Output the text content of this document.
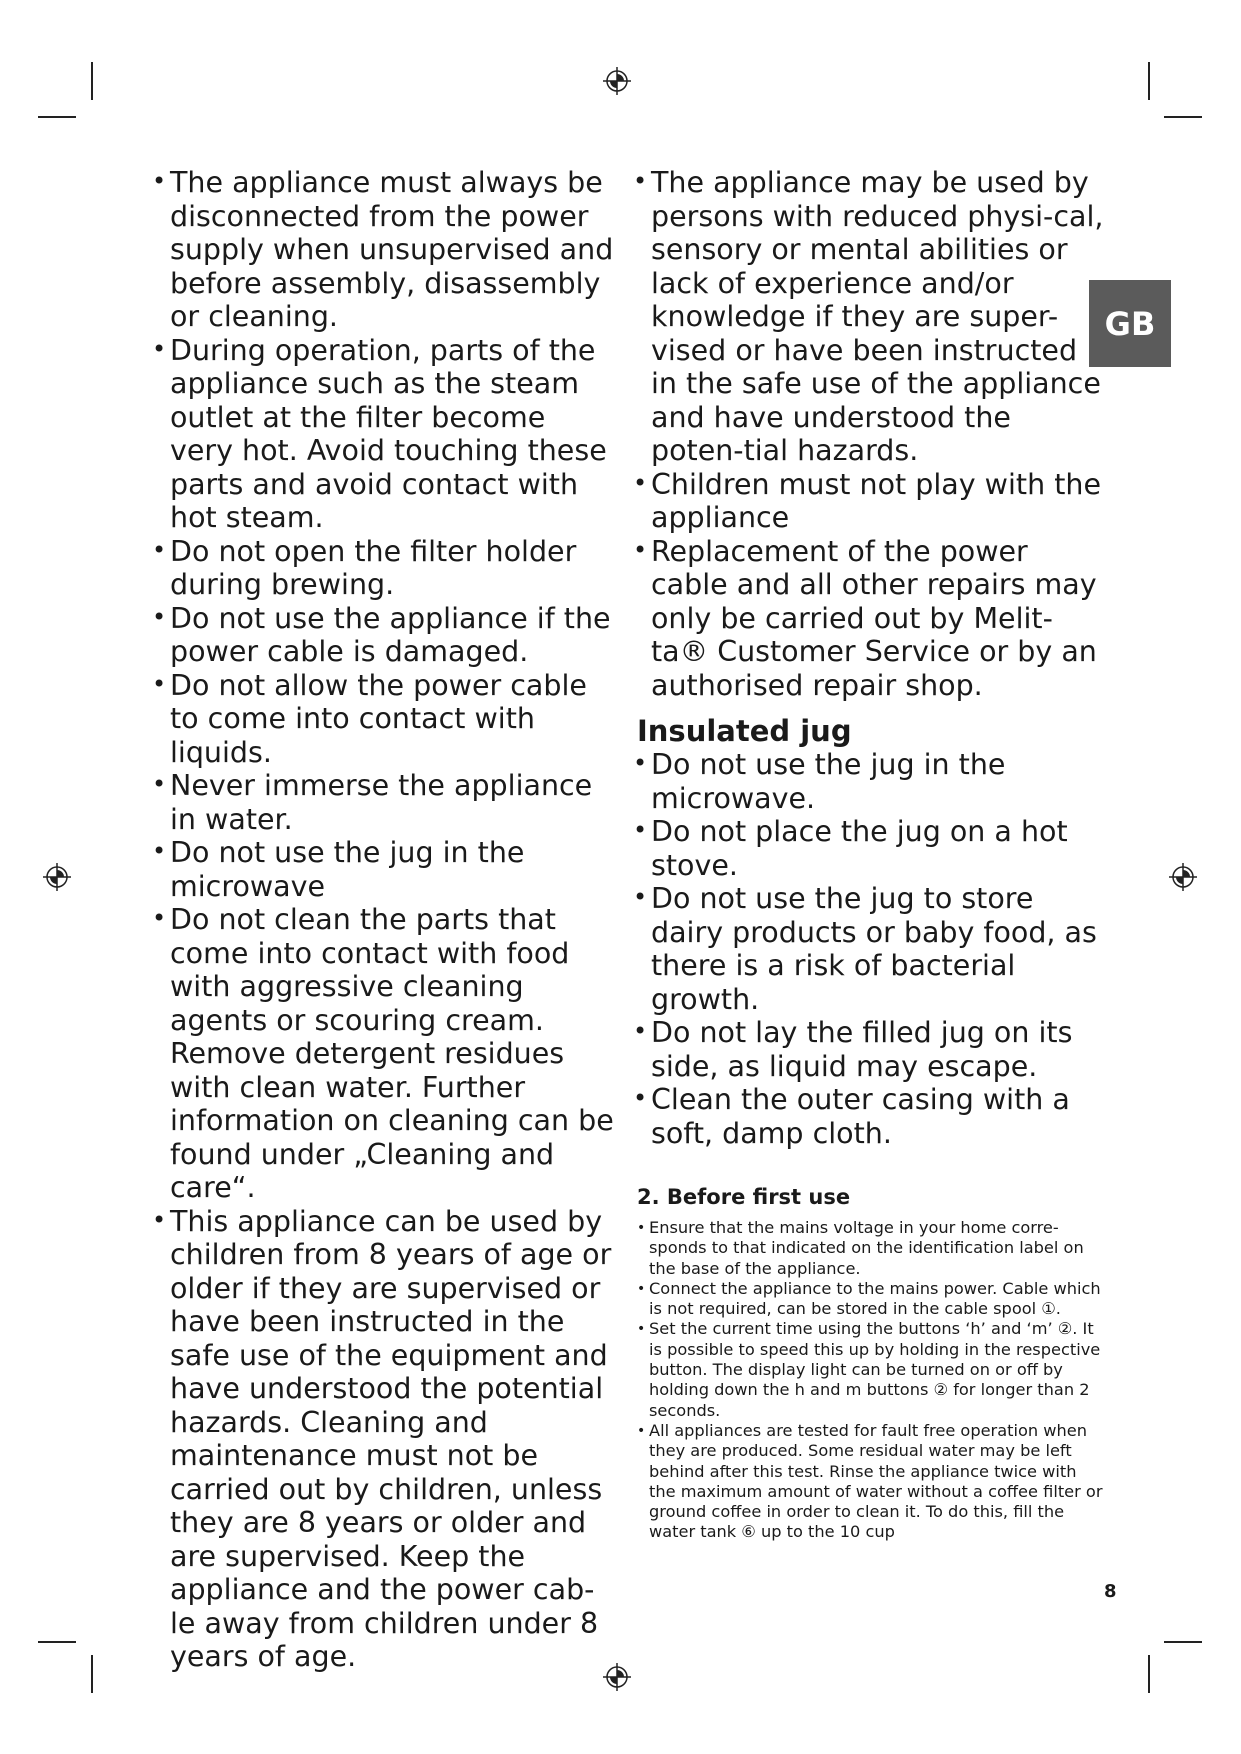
• The appliance must always be disconnected from the power supply when unsupervised and before assembly, disassembly or cleaning.
• During operation, parts of the appliance such as the steam outlet at the filter become very hot. Avoid touching these parts and avoid contact with hot steam.
• Do not open the filter holder during brewing.
• Do not use the appliance if the power cable is damaged.
• Do not allow the power cable to come into contact with liquids.
• Never immerse the appliance in water.
• Do not use the jug in the microwave
• Do not clean the parts that come into contact with food with aggressive cleaning agents or scouring cream. Remove detergent residues with clean water. Further information on cleaning can be found under „Cleaning and care“.
• This appliance can be used by children from 8 years of age or older if they are supervised or have been instructed in the safe use of the equipment and have understood the potential hazards. Cleaning and maintenance must not be carried out by children, unless they are 8 years or older and are supervised. Keep the appliance and the power cab-le away from children under 8 years of age.
• The appliance may be used by persons with reduced physi-cal, sensory or mental abilities or lack of experience and/or knowledge if they are super-vised or have been instructed in the safe use of the appliance and have understood the poten-tial hazards.
• Children must not play with the appliance
• Replacement of the power cable and all other repairs may only be carried out by Melit-ta® Customer Service or by an authorised repair shop.
Insulated jug
• Do not use the jug in the microwave.
• Do not place the jug on a hot stove.
• Do not use the jug to store dairy products or baby food, as there is a risk of bacterial growth.
• Do not lay the filled jug on its side, as liquid may escape.
• Clean the outer casing with a soft, damp cloth.
2. Before first use
• Ensure that the mains voltage in your home corre-sponds to that indicated on the identification label on the base of the appliance.
• Connect the appliance to the mains power. Cable which is not required, can be stored in the cable spool ①.
• Set the current time using the buttons ‘h’ and ‘m’ ②. It is possible to speed this up by holding in the respective button. The display light can be turned on or off by holding down the h and m buttons ② for longer than 2 seconds.
• All appliances are tested for fault free operation when they are produced. Some residual water may be left behind after this test. Rinse the appliance twice with the maximum amount of water without a coffee filter or ground coffee in order to clean it. To do this, fill the water tank ⑥ up to the 10 cup
GB
8
